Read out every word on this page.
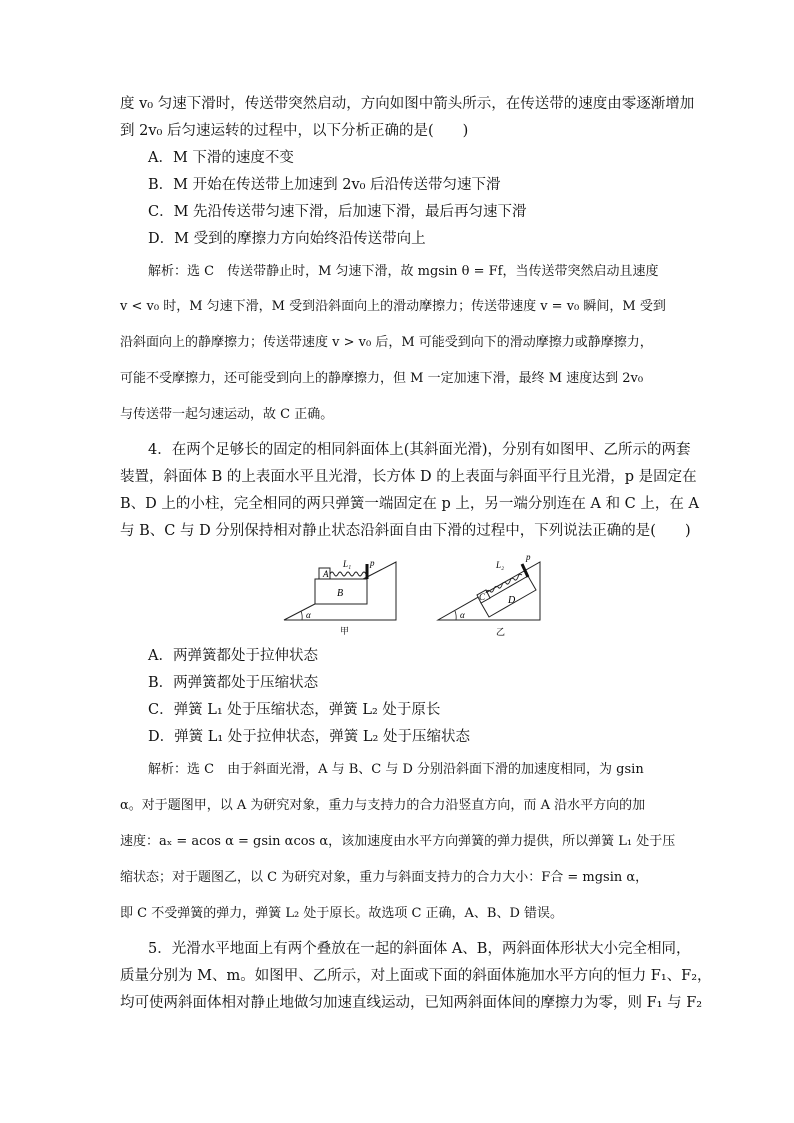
度 v₀ 匀速下滑时，传送带突然启动，方向如图中箭头所示，在传送带的速度由零逐渐增加
到 2v₀ 后匀速运转的过程中，以下分析正确的是(　　)
A．M 下滑的速度不变
B．M 开始在传送带上加速到 2v₀ 后沿传送带匀速下滑
C．M 先沿传送带匀速下滑，后加速下滑，最后再匀速下滑
D．M 受到的摩擦力方向始终沿传送带向上
解析：选 C　传送带静止时，M 匀速下滑，故 mgsin θ = Ff，当传送带突然启动且速度
v < v₀ 时，M 匀速下滑，M 受到沿斜面向上的滑动摩擦力；传送带速度 v = v₀ 瞬间，M 受到
沿斜面向上的静摩擦力；传送带速度 v > v₀ 后，M 可能受到向下的滑动摩擦力或静摩擦力，
可能不受摩擦力，还可能受到向上的静摩擦力，但 M 一定加速下滑，最终 M 速度达到 2v₀
与传送带一起匀速运动，故 C 正确。
4．在两个足够长的固定的相同斜面体上(其斜面光滑)，分别有如图甲、乙所示的两套
装置，斜面体 B 的上表面水平且光滑，长方体 D 的上表面与斜面平行且光滑，p 是固定在
B、D 上的小柱，完全相同的两只弹簧一端固定在 p 上，另一端分别连在 A 和 C 上，在 A
与 B、C 与 D 分别保持相对静止状态沿斜面自由下滑的过程中，下列说法正确的是(　　)
A
B
L₁ p
α
甲
C D
L₂
p
α
乙
A．两弹簧都处于拉伸状态
B．两弹簧都处于压缩状态
C．弹簧 L₁ 处于压缩状态，弹簧 L₂ 处于原长
D．弹簧 L₁ 处于拉伸状态，弹簧 L₂ 处于压缩状态
解析：选 C　由于斜面光滑，A 与 B、C 与 D 分别沿斜面下滑的加速度相同，为 gsin
α。对于题图甲，以 A 为研究对象，重力与支持力的合力沿竖直方向，而 A 沿水平方向的加
速度：aₓ = acos α = gsin αcos α，该加速度由水平方向弹簧的弹力提供，所以弹簧 L₁ 处于压
缩状态；对于题图乙，以 C 为研究对象，重力与斜面支持力的合力大小：F合 = mgsin α，
即 C 不受弹簧的弹力，弹簧 L₂ 处于原长。故选项 C 正确，A、B、D 错误。
5．光滑水平地面上有两个叠放在一起的斜面体 A、B，两斜面体形状大小完全相同，
质量分别为 M、m。如图甲、乙所示，对上面或下面的斜面体施加水平方向的恒力 F₁、F₂，
均可使两斜面体相对静止地做匀加速直线运动，已知两斜面体间的摩擦力为零，则 F₁ 与 F₂
